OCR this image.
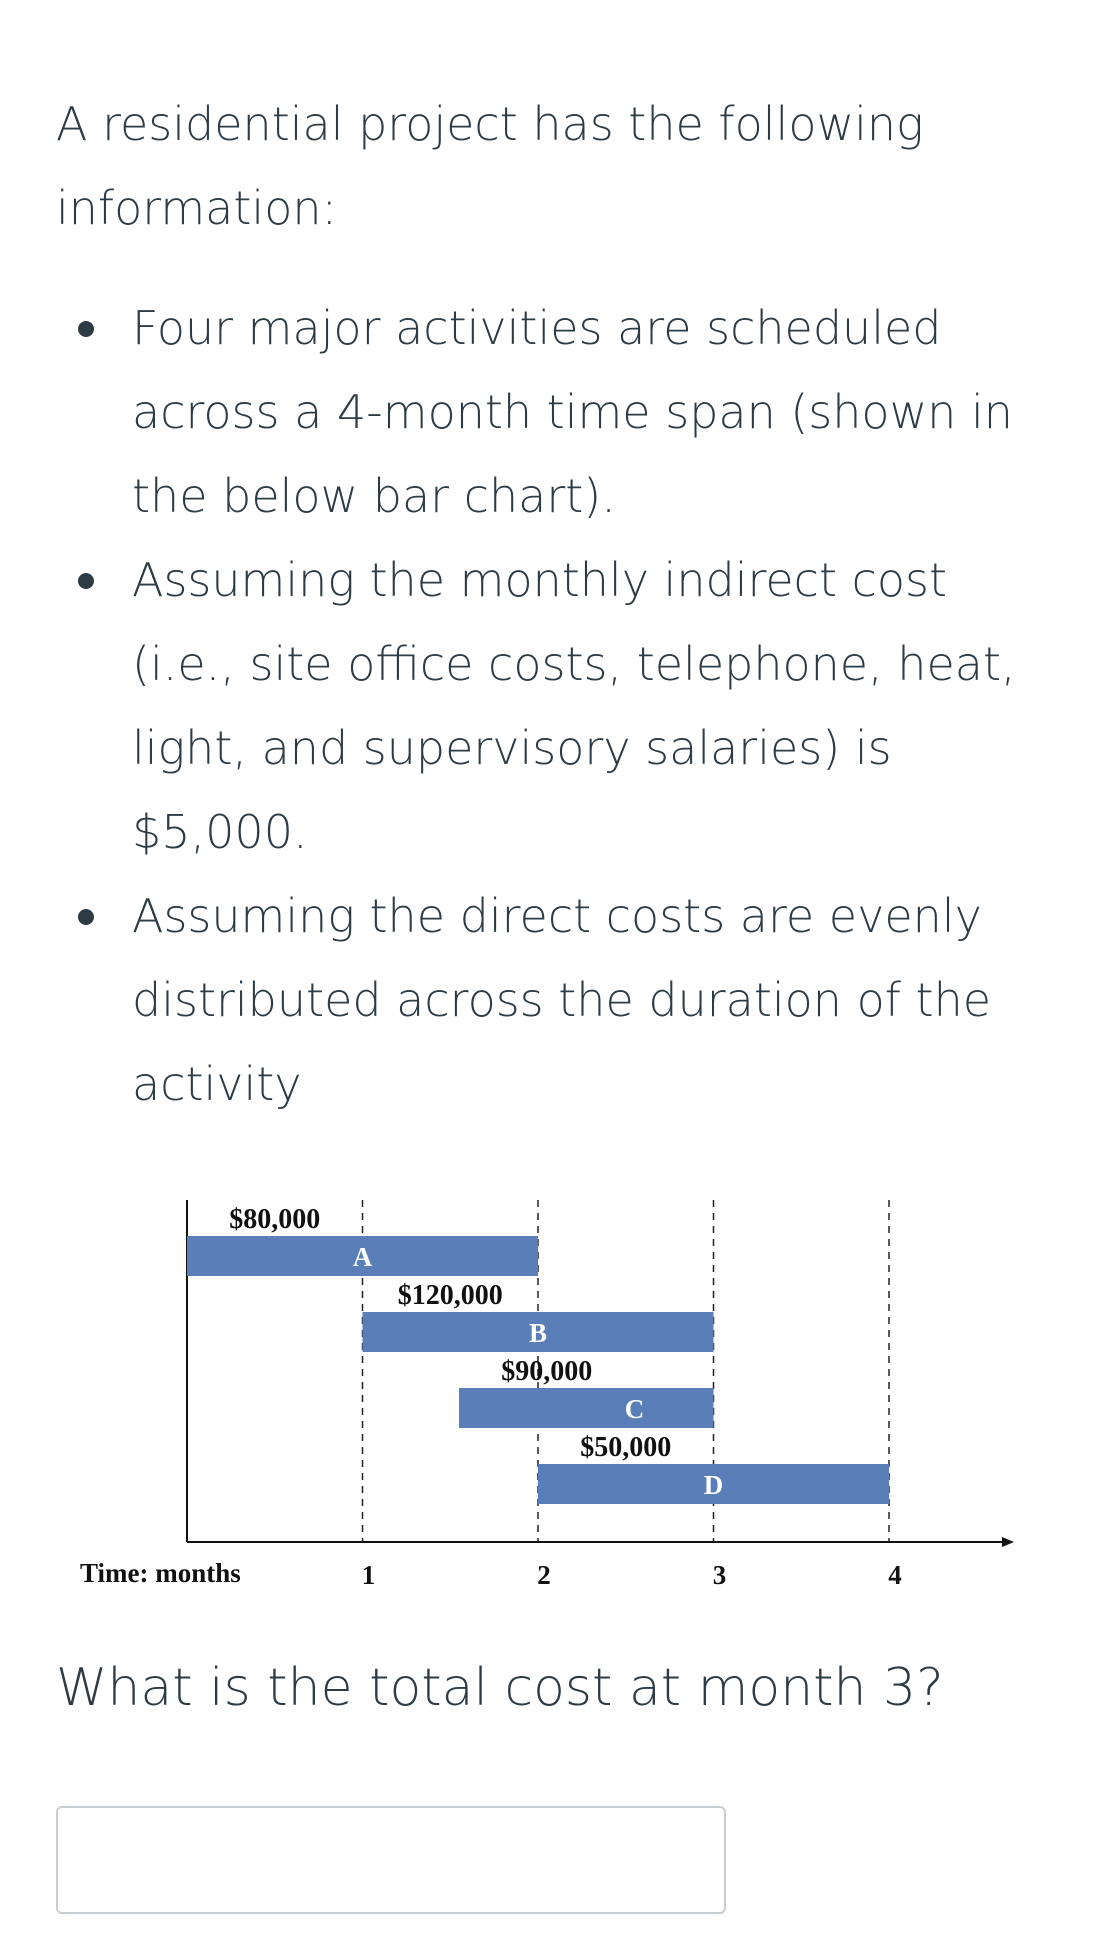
A residential project has the following information:

Four major activities are scheduled across a 4-month time span (shown in the below bar chart).
Assuming the monthly indirect cost (i.e., site office costs, telephone, heat, light, and supervisory salaries) is $5,000.
Assuming the direct costs are evenly distributed across the duration of the activity
$80,000
A
$120,000
B
$90,000
C
$50,000
D
Time: months	1	2	3	4

What is the total cost at month 3?
